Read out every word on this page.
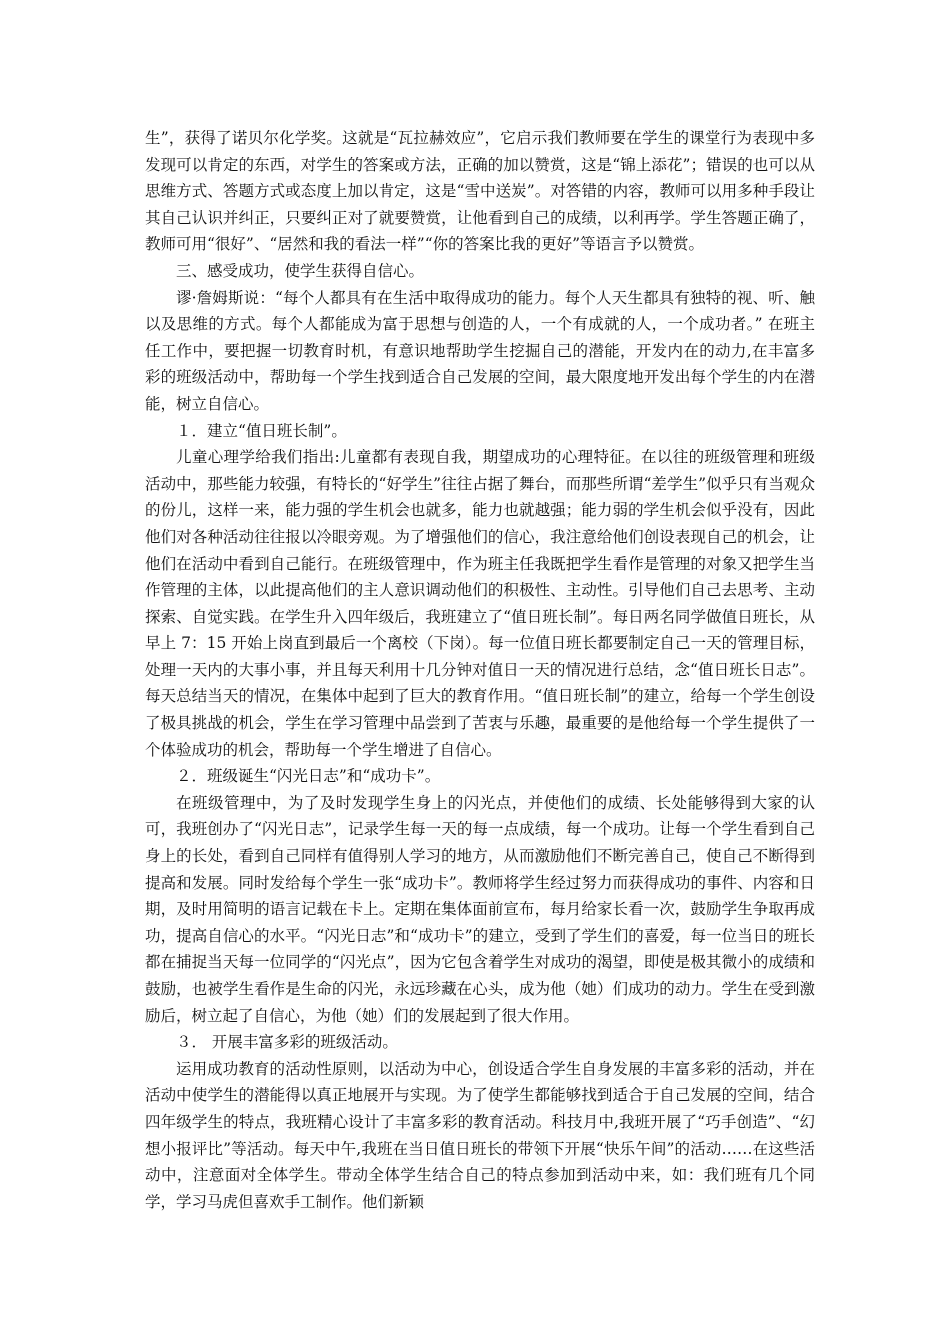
生”，获得了诺贝尔化学奖。这就是“瓦拉赫效应”，它启示我们教师要在学生的课堂行为表现中多发现可以肯定的东西，对学生的答案或方法，正确的加以赞赏，这是“锦上添花”；错误的也可以从思维方式、答题方式或态度上加以肯定，这是“雪中送炭”。对答错的内容，教师可以用多种手段让其自己认识并纠正，只要纠正对了就要赞赏，让他看到自己的成绩，以利再学。学生答题正确了，教师可用“很好”、“居然和我的看法一样”“你的答案比我的更好”等语言予以赞赏。

三、感受成功，使学生获得自信心。

谬·詹姆斯说：“每个人都具有在生活中取得成功的能力。每个人天生都具有独特的视、听、触以及思维的方式。每个人都能成为富于思想与创造的人，一个有成就的人，一个成功者。” 在班主任工作中，要把握一切教育时机，有意识地帮助学生挖掘自己的潜能，开发内在的动力,在丰富多彩的班级活动中，帮助每一个学生找到适合自己发展的空间，最大限度地开发出每个学生的内在潜能，树立自信心。

１．建立“值日班长制”。

儿童心理学给我们指出:儿童都有表现自我，期望成功的心理特征。在以往的班级管理和班级活动中，那些能力较强，有特长的“好学生”往往占据了舞台，而那些所谓“差学生”似乎只有当观众的份儿，这样一来，能力强的学生机会也就多，能力也就越强；能力弱的学生机会似乎没有，因此他们对各种活动往往报以冷眼旁观。为了增强他们的信心，我注意给他们创设表现自己的机会，让他们在活动中看到自己能行。在班级管理中，作为班主任我既把学生看作是管理的对象又把学生当作管理的主体，以此提高他们的主人意识调动他们的积极性、主动性。引导他们自己去思考、主动探索、自觉实践。在学生升入四年级后，我班建立了“值日班长制”。每日两名同学做值日班长，从早上 7：15 开始上岗直到最后一个离校（下岗）。每一位值日班长都要制定自己一天的管理目标，处理一天内的大事小事，并且每天利用十几分钟对值日一天的情况进行总结，念“值日班长日志”。每天总结当天的情况，在集体中起到了巨大的教育作用。“值日班长制”的建立，给每一个学生创设了极具挑战的机会，学生在学习管理中品尝到了苦衷与乐趣，最重要的是他给每一个学生提供了一个体验成功的机会，帮助每一个学生增进了自信心。

２．班级诞生“闪光日志”和“成功卡”。

在班级管理中，为了及时发现学生身上的闪光点，并使他们的成绩、长处能够得到大家的认可，我班创办了“闪光日志”，记录学生每一天的每一点成绩，每一个成功。让每一个学生看到自己身上的长处，看到自己同样有值得别人学习的地方，从而激励他们不断完善自己，使自己不断得到提高和发展。同时发给每个学生一张“成功卡”。教师将学生经过努力而获得成功的事件、内容和日期，及时用简明的语言记载在卡上。定期在集体面前宣布，每月给家长看一次，鼓励学生争取再成功，提高自信心的水平。“闪光日志”和“成功卡”的建立，受到了学生们的喜爱，每一位当日的班长都在捕捉当天每一位同学的“闪光点”，因为它包含着学生对成功的渴望，即使是极其微小的成绩和鼓励，也被学生看作是生命的闪光，永远珍藏在心头，成为他（她）们成功的动力。学生在受到激励后，树立起了自信心，为他（她）们的发展起到了很大作用。

３． 开展丰富多彩的班级活动。

运用成功教育的活动性原则，以活动为中心，创设适合学生自身发展的丰富多彩的活动，并在活动中使学生的潜能得以真正地展开与实现。为了使学生都能够找到适合于自己发展的空间，结合四年级学生的特点，我班精心设计了丰富多彩的教育活动。科技月中,我班开展了“巧手创造”、“幻想小报评比”等活动。每天中午,我班在当日值日班长的带领下开展“快乐午间”的活动……在这些活动中，注意面对全体学生。带动全体学生结合自己的特点参加到活动中来，如：我们班有几个同学，学习马虎但喜欢手工制作。他们新颖
